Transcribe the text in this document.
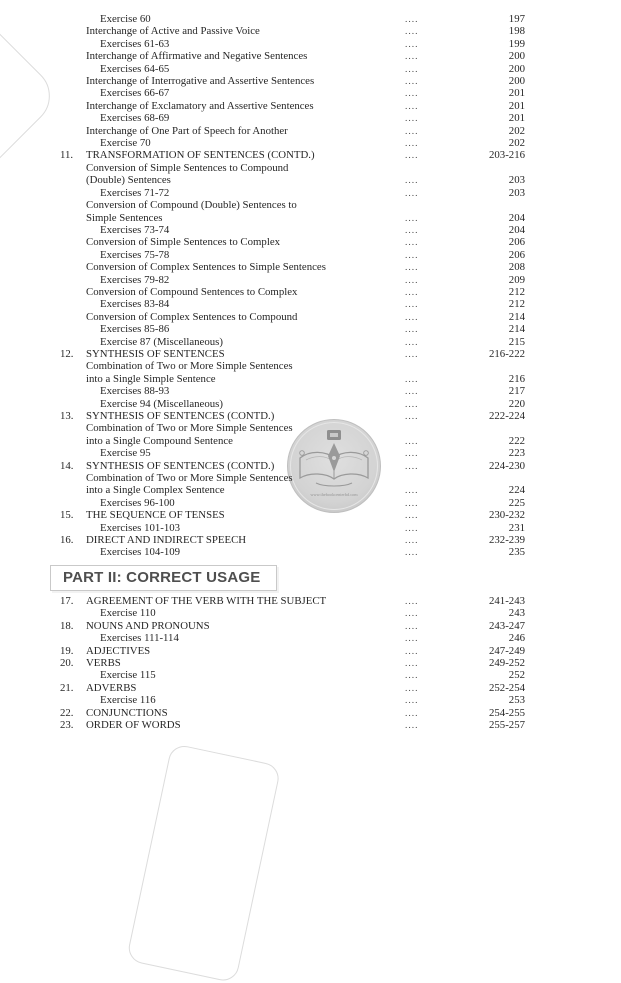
www.thebookcenterbd.com
Exercise 60	....	197
Interchange of Active and Passive Voice	....	198
Exercises 61-63	....	199
Interchange of Affirmative and Negative Sentences	....	200
Exercises 64-65	....	200
Interchange of Interrogative and Assertive Sentences	....	200
Exercises 66-67	....	201
Interchange of Exclamatory and Assertive Sentences	....	201
Exercises 68-69	....	201
Interchange of One Part of Speech for Another	....	202
Exercise 70	....	202
11.	TRANSFORMATION OF SENTENCES (CONTD.)	....	203-216
Conversion of Simple Sentences to Compound
(Double) Sentences	....	203
Exercises 71-72	....	203
Conversion of Compound (Double) Sentences to
Simple Sentences	....	204
Exercises 73-74	....	204
Conversion of Simple Sentences to Complex	....	206
Exercises 75-78	....	206
Conversion of Complex Sentences to Simple Sentences	....	208
Exercises 79-82	....	209
Conversion of Compound Sentences to Complex	....	212
Exercises 83-84	....	212
Conversion of Complex Sentences to Compound	....	214
Exercises 85-86	....	214
Exercise 87 (Miscellaneous)	....	215
12.	SYNTHESIS OF SENTENCES	....	216-222
Combination of Two or More Simple Sentences
into a Single Simple Sentence	....	216
Exercises 88-93	....	217
Exercise 94 (Miscellaneous)	....	220
13.	SYNTHESIS OF SENTENCES (CONTD.)	....	222-224
Combination of Two or More Simple Sentences
into a Single Compound Sentence	....	222
Exercise 95	....	223
14.	SYNTHESIS OF SENTENCES (CONTD.)	....	224-230
Combination of Two or More Simple Sentences
into a Single Complex Sentence	....	224
Exercises 96-100	....	225
15.	THE SEQUENCE OF TENSES	....	230-232
Exercises 101-103	....	231
16.	DIRECT AND INDIRECT SPEECH	....	232-239
Exercises 104-109	....	235
PART II: CORRECT USAGE
17.	AGREEMENT OF THE VERB WITH THE SUBJECT	....	241-243
Exercise 110	....	243
18.	NOUNS AND PRONOUNS	....	243-247
Exercises 111-114	....	246
19.	ADJECTIVES	....	247-249
20.	VERBS	....	249-252
Exercise 115	....	252
21.	ADVERBS	....	252-254
Exercise 116	....	253
22.	CONJUNCTIONS	....	254-255
23.	ORDER OF WORDS	....	255-257
